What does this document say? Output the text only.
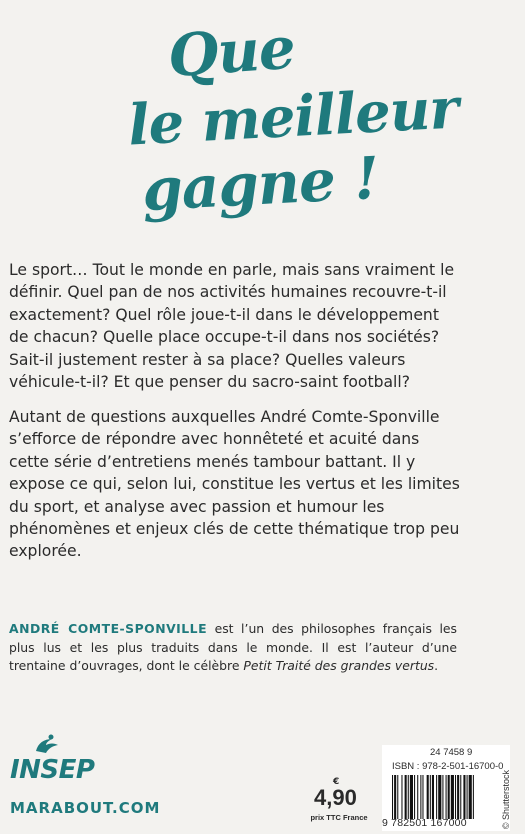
Que
le meilleur
gagne !

Le sport… Tout le monde en parle, mais sans vraiment le définir. Quel pan de nos activités humaines recouvre-t-il exactement? Quel rôle joue-t-il dans le développement de chacun? Quelle place occupe-t-il dans nos sociétés? Sait-il justement rester à sa place? Quelles valeurs véhicule-t-il? Et que penser du sacro-saint football?

Autant de questions auxquelles André Comte-Sponville s’efforce de répondre avec honnêteté et acuité dans cette série d’entretiens menés tambour battant. Il y expose ce qui, selon lui, constitue les vertus et les limites du sport, et analyse avec passion et humour les phénomènes et enjeux clés de cette thématique trop peu explorée.

ANDRÉ COMTE-SPONVILLE est l’un des philosophes français les plus lus et les plus traduits dans le monde. Il est l’auteur d’une trentaine d’ouvrages, dont le célèbre Petit Traité des grandes vertus.
INSEP
MARABOUT.COM
€
4,90
prix TTC France
24 7458 9
ISBN : 978-2-501-16700-0
9 782501 167000	© Shutterstock
